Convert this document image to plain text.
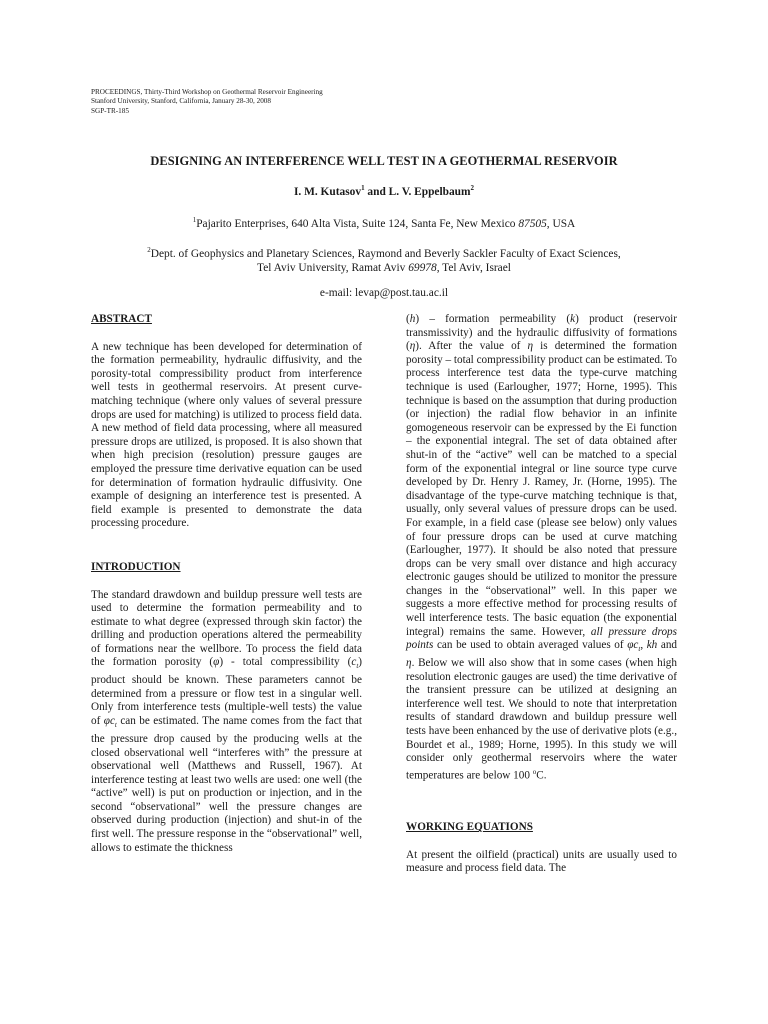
PROCEEDINGS, Thirty-Third Workshop on Geothermal Reservoir Engineering
Stanford University, Stanford, California, January 28-30, 2008
SGP-TR-185
DESIGNING AN INTERFERENCE WELL TEST IN A GEOTHERMAL RESERVOIR
I. M. Kutasov$^1$ and L. V. Eppelbaum$^2$
$^1$Pajarito Enterprises, 640 Alta Vista, Suite 124, Santa Fe, New Mexico 87505, USA
$^2$Dept. of Geophysics and Planetary Sciences, Raymond and Beverly Sackler Faculty of Exact Sciences,
Tel Aviv University, Ramat Aviv 69978, Tel Aviv, Israel
e-mail: levap@post.tau.ac.il
ABSTRACT

A new technique has been developed for determination of the formation permeability, hydraulic diffusivity, and the porosity-total compressibility product from interference well tests in geothermal reservoirs. At present curve-matching technique (where only values of several pressure drops are used for matching) is utilized to process field data. A new method of field data processing, where all measured pressure drops are utilized, is proposed. It is also shown that when high precision (resolution) pressure gauges are employed the pressure time derivative equation can be used for determination of formation hydraulic diffusivity. One example of designing an interference test is presented. A field example is presented to demonstrate the data processing procedure.

INTRODUCTION

The standard drawdown and buildup pressure well tests are used to determine the formation permeability and to estimate to what degree (expressed through skin factor) the drilling and production operations altered the permeability of formations near the wellbore. To process the field data the formation porosity (φ) - total compressibility $(c_t)$ product should be known. These parameters cannot be determined from a pressure or flow test in a singular well. Only from interference tests (multiple-well tests) the value of $\varphi c_t$ can be estimated. The name comes from the fact that the pressure drop caused by the producing wells at the closed observational well “interferes with” the pressure at observational well (Matthews and Russell, 1967). At interference testing at least two wells are used: one well (the “active” well) is put on production or injection, and in the second “observational” well the pressure changes are observed during production (injection) and shut-in of the first well. The pressure response in the “observational” well, allows to estimate the thickness

(h) – formation permeability (k) product (reservoir transmissivity) and the hydraulic diffusivity of formations (η). After the value of η is determined the formation porosity – total compressibility product can be estimated. To process interference test data the type-curve matching technique is used (Earlougher, 1977; Horne, 1995). This technique is based on the assumption that during production (or injection) the radial flow behavior in an infinite gomogeneous reservoir can be expressed by the Ei function – the exponential integral. The set of data obtained after shut-in of the “active” well can be matched to a special form of the exponential integral or line source type curve developed by Dr. Henry J. Ramey, Jr. (Horne, 1995). The disadvantage of the type-curve matching technique is that, usually, only several values of pressure drops can be used. For example, in a field case (please see below) only values of four pressure drops can be used at curve matching (Earlougher, 1977). It should be also noted that pressure drops can be very small over distance and high accuracy electronic gauges should be utilized to monitor the pressure changes in the “observational” well. In this paper we suggests a more effective method for processing results of well interference tests. The basic equation (the exponential integral) remains the same. However, all pressure drops points can be used to obtain averaged values of $\varphi c_t$, kh and η. Below we will also show that in some cases (when high resolution electronic gauges are used) the time derivative of the transient pressure can be utilized at designing an interference well test. We should to note that interpretation results of standard drawdown and buildup pressure well tests have been enhanced by the use of derivative plots (e.g., Bourdet et al., 1989; Horne, 1995). In this study we will consider only geothermal reservoirs where the water temperatures are below 100 $^o$C.

WORKING EQUATIONS

At present the oilfield (practical) units are usually used to measure and process field data. The
